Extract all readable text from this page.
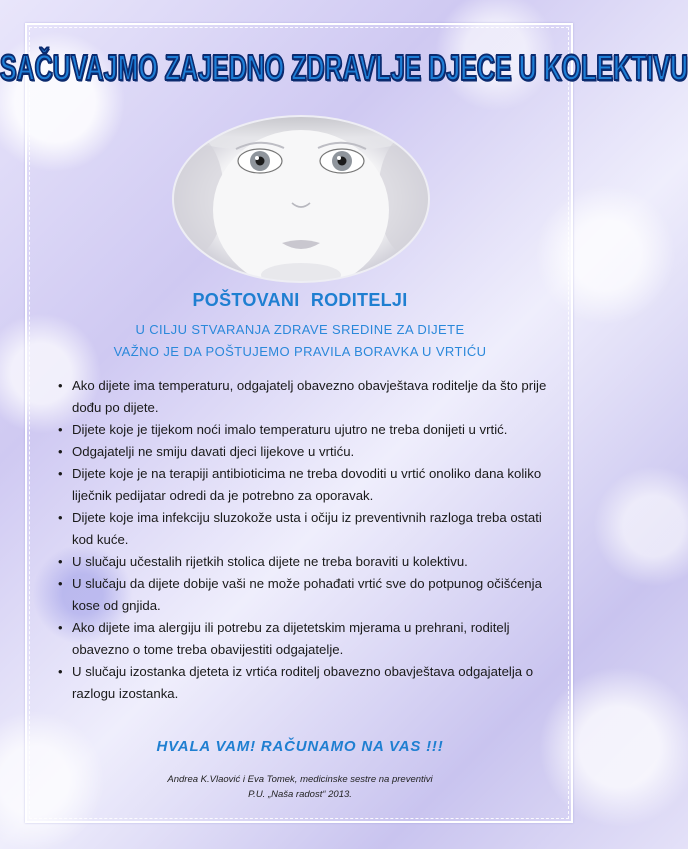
SAČUVAJMO ZAJEDNO ZDRAVLJE DJECE U KOLEKTIVU
POŠTOVANI RODITELJI
U CILJU STVARANJA ZDRAVE SREDINE ZA DIJETE
VAŽNO JE DA POŠTUJEMO PRAVILA BORAVKA U VRTIĆU
• Ako dijete ima temperaturu, odgajatelj obavezno obavještava roditelje da što prije dođu po dijete.
• Dijete koje je tijekom noći imalo temperaturu ujutro ne treba donijeti u vrtić.
• Odgajatelji ne smiju davati djeci lijekove u vrtiću.
• Dijete koje je na terapiji antibioticima ne treba dovoditi u vrtić onoliko dana koliko liječnik pedijatar odredi da je potrebno za oporavak.
• Dijete koje ima infekciju sluzokože usta i očiju iz preventivnih razloga treba ostati kod kuće.
• U slučaju učestalih rijetkih stolica dijete ne treba boraviti u kolektivu.
• U slučaju da dijete dobije vaši ne može pohađati vrtić sve do potpunog očišćenja kose od gnjida.
• Ako dijete ima alergiju ili potrebu za dijetetskim mjerama u prehrani, roditelj obavezno o tome treba obavijestiti odgajatelje.
• U slučaju izostanka djeteta iz vrtića roditelj obavezno obavještava odgajatelja o razlogu izostanka.
HVALA VAM! RAČUNAMO NA VAS !!!
Andrea K.Vlaović i Eva Tomek, medicinske sestre na preventivi
P.U. „Naša radost“ 2013.
